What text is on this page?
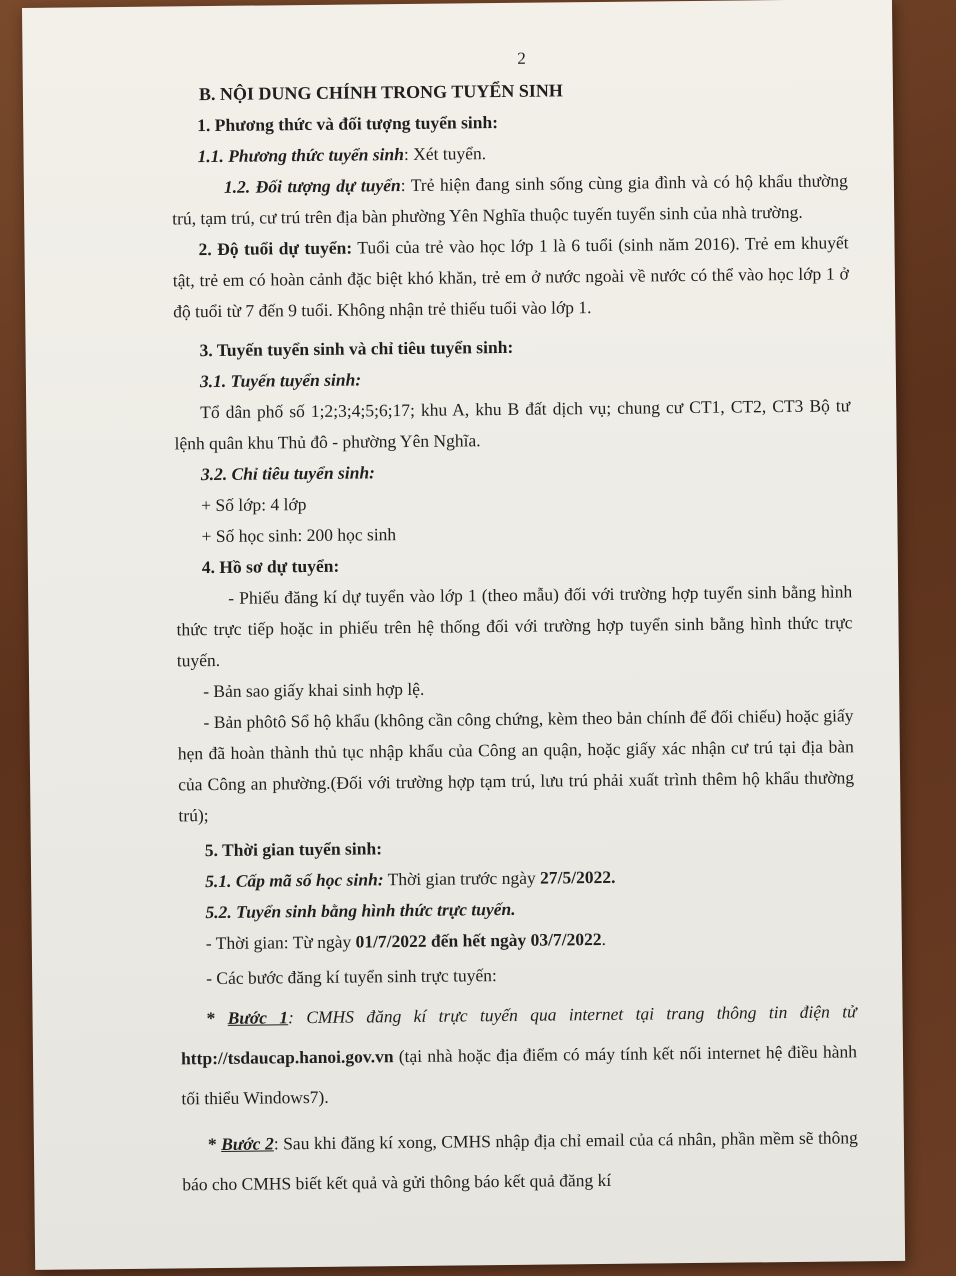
2

B. NỘI DUNG CHÍNH TRONG TUYỂN SINH

1. Phương thức và đối tượng tuyển sinh:

1.1. Phương thức tuyển sinh: Xét tuyển.

1.2. Đối tượng dự tuyển: Trẻ hiện đang sinh sống cùng gia đình và có hộ khẩu thường trú, tạm trú, cư trú trên địa bàn phường Yên Nghĩa thuộc tuyến tuyển sinh của nhà trường.

2. Độ tuổi dự tuyển: Tuổi của trẻ vào học lớp 1 là 6 tuổi (sinh năm 2016). Trẻ em khuyết tật, trẻ em có hoàn cảnh đặc biệt khó khăn, trẻ em ở nước ngoài về nước có thể vào học lớp 1 ở độ tuổi từ 7 đến 9 tuổi. Không nhận trẻ thiếu tuổi vào lớp 1.

3. Tuyến tuyển sinh và chỉ tiêu tuyển sinh:

3.1. Tuyến tuyển sinh:

Tổ dân phố số 1;2;3;4;5;6;17; khu A, khu B đất dịch vụ; chung cư CT1, CT2, CT3 Bộ tư lệnh quân khu Thủ đô - phường Yên Nghĩa.

3.2. Chỉ tiêu tuyển sinh:

+ Số lớp: 4 lớp

+ Số học sinh: 200 học sinh

4. Hồ sơ dự tuyển:

- Phiếu đăng kí dự tuyển vào lớp 1 (theo mẫu) đối với trường hợp tuyển sinh bằng hình thức trực tiếp hoặc in phiếu trên hệ thống đối với trường hợp tuyển sinh bằng hình thức trực tuyến.

- Bản sao giấy khai sinh hợp lệ.

- Bản phôtô Sổ hộ khẩu (không cần công chứng, kèm theo bản chính để đối chiếu) hoặc giấy hẹn đã hoàn thành thủ tục nhập khẩu của Công an quận, hoặc giấy xác nhận cư trú tại địa bàn của Công an phường.(Đối với trường hợp tạm trú, lưu trú phải xuất trình thêm hộ khẩu thường trú);

5. Thời gian tuyển sinh:

5.1. Cấp mã số học sinh: Thời gian trước ngày 27/5/2022.

5.2. Tuyển sinh bằng hình thức trực tuyến.

- Thời gian: Từ ngày 01/7/2022 đến hết ngày 03/7/2022.

- Các bước đăng kí tuyển sinh trực tuyến:

* Bước 1: CMHS đăng kí trực tuyến qua internet tại trang thông tin điện tử http://tsdaucap.hanoi.gov.vn (tại nhà hoặc địa điểm có máy tính kết nối internet hệ điều hành tối thiểu Windows7).

* Bước 2: Sau khi đăng kí xong, CMHS nhập địa chỉ email của cá nhân, phần mềm sẽ thông báo cho CMHS biết kết quả và gửi thông báo kết quả đăng kí
